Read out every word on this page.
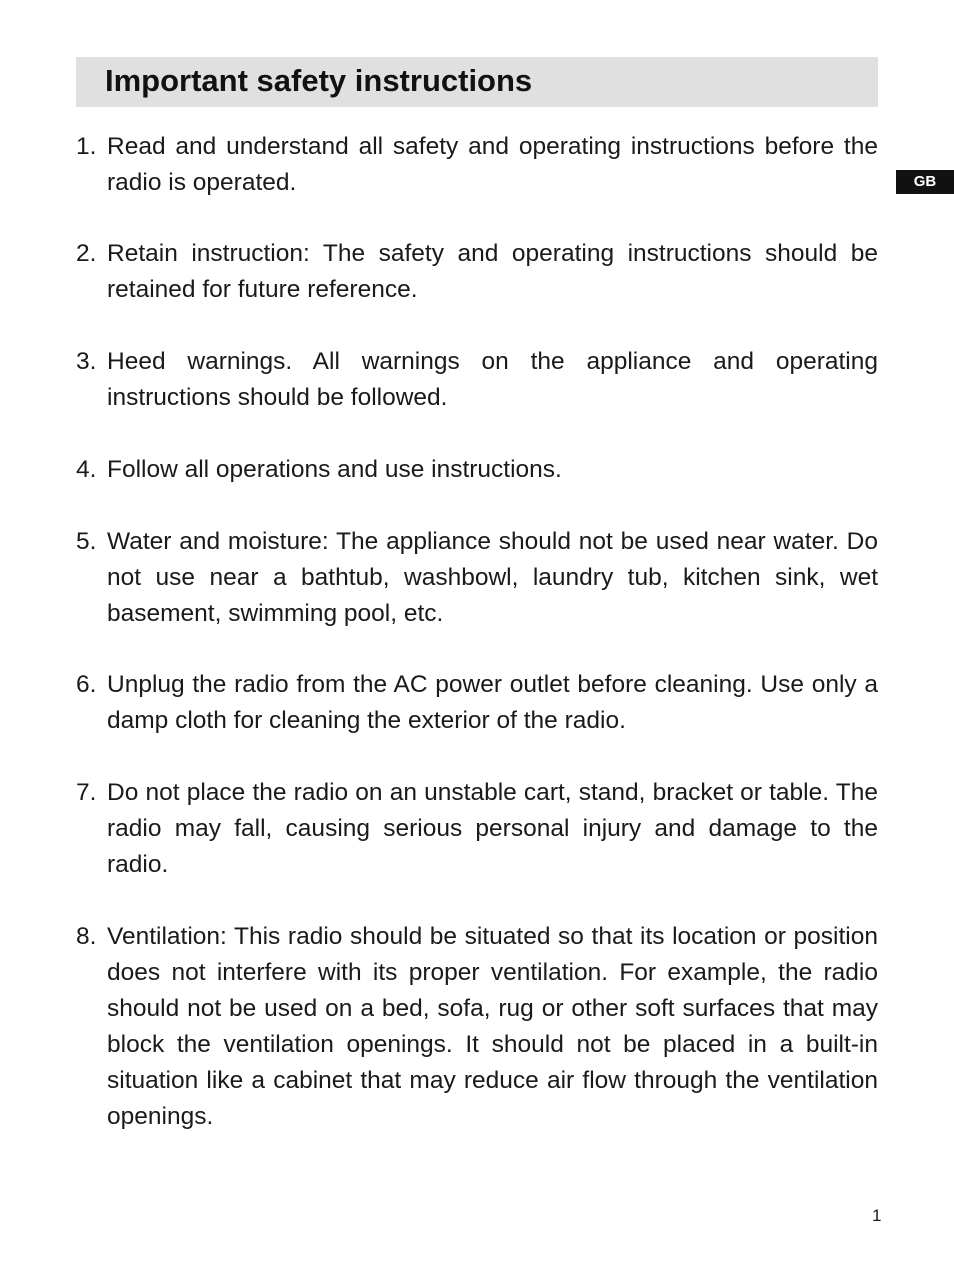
Important safety instructions
GB
1. Read and understand all safety and operating instructions before the radio is operated.
2. Retain instruction: The safety and operating instructions should be retained for future reference.
3. Heed warnings. All warnings on the appliance and operating instructions should be followed.
4. Follow all operations and use instructions.
5. Water and moisture: The appliance should not be used near water. Do not use near a bathtub, washbowl, laundry tub, kitchen sink, wet basement, swimming pool, etc.
6. Unplug the radio from the AC power outlet before cleaning. Use only a damp cloth for cleaning the exterior of the radio.
7. Do not place the radio on an unstable cart, stand, bracket or table. The radio may fall, causing serious personal injury and damage to the radio.
8. Ventilation: This radio should be situated so that its location or position does not interfere with its proper ventilation. For example, the radio should not be used on a bed, sofa, rug or other soft surfaces that may block the ventilation openings. It should not be placed in a built-in situation like a cabinet that may reduce air flow through the ventilation openings.
1
